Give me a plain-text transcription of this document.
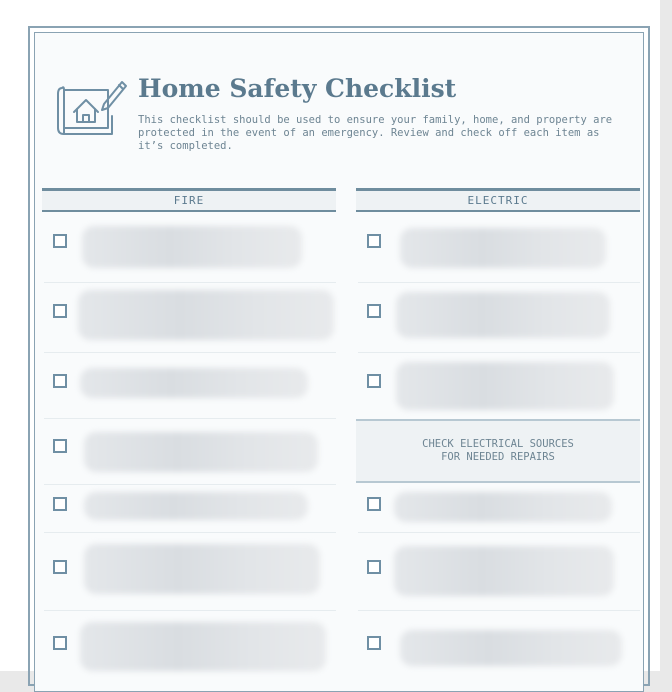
Home Safety Checklist
This checklist should be used to ensure your family, home, and property are protected in the event of an emergency. Review and check off each item as it’s completed.
FIRE	ELECTRIC
CHECK ELECTRICAL SOURCES
FOR NEEDED REPAIRS
